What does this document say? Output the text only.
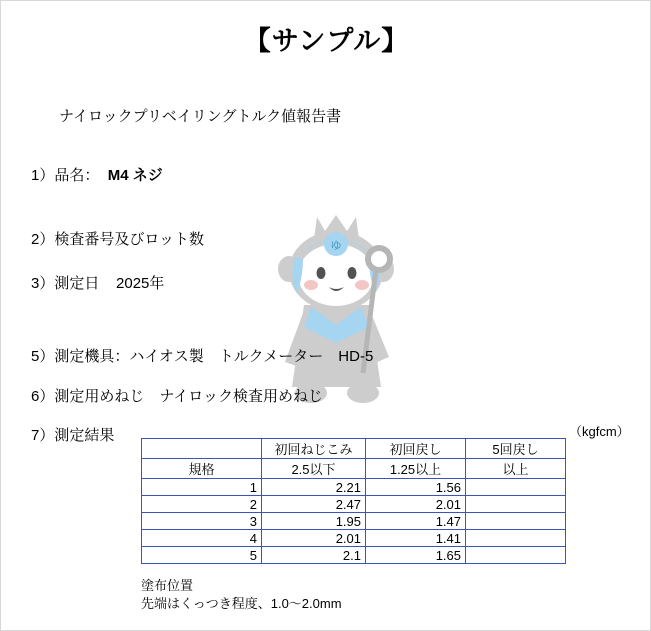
【サンプル】
ナイロックプリベイリングトルク値報告書
ゆ
1）品名： M4 ネジ
2）検査番号及びロット数
3）測定日 2025年
5）測定機具：ハイオス製　トルクメーター　HD-5
6）測定用めねじ　ナイロック検査用めねじ
7）測定結果	（kgfcm）
	初回ねじこみ	初回戻し	5回戻し
規格	2.5以下	1.25以上	以上
1	2.21	1.56	
2	2.47	2.01	
3	1.95	1.47	
4	2.01	1.41	
5	2.1	1.65	
塗布位置
先端はくっつき程度、1.0～2.0mm
